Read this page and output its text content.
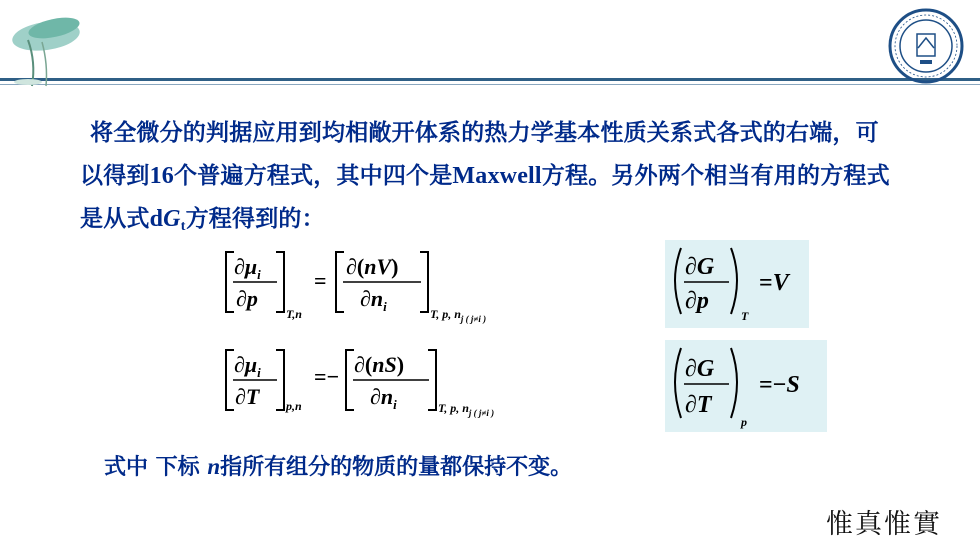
将全微分的判据应用到均相敞开体系的热力学基本性质关系式各式的右端，可以得到16个普遍方程式，其中四个是Maxwell方程。另外两个相当有用的方程式是从式$dG_t$方程得到的：
$\partial\mu_i$
∂p
T,n
=
∂(nV)
$\partial n_i$	T, p, $n_{j ( j\ne i )}$
$\partial\mu_i$
∂T p,n
=− ∂(nS)
$\partial n_i$	T, p, $n_{j ( j\ne i )}$
∂G
∂p
T
=V
∂G
∂T
p
=−S
式中 下标 n指所有组分的物质的量都保持不变。
惟真惟實
